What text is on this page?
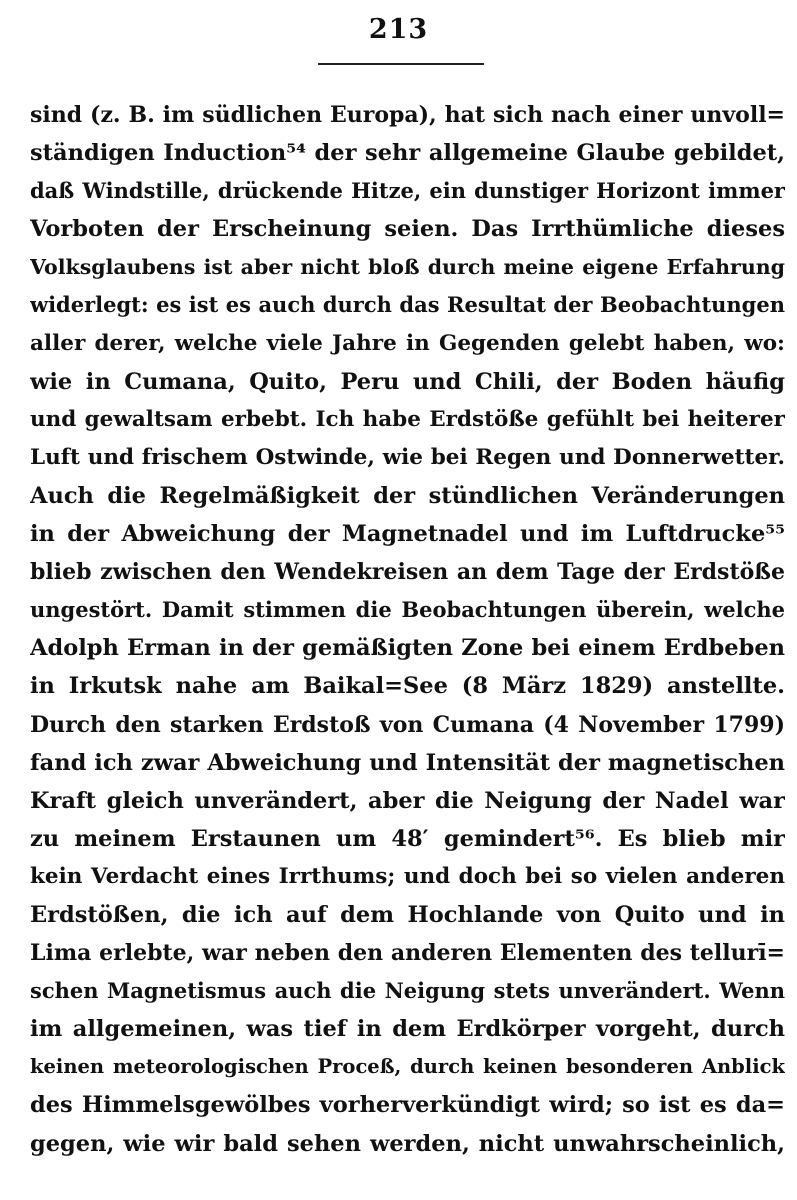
213
sind (z. B. im südlichen Europa), hat sich nach einer unvoll=
ständigen Induction⁵⁴ der sehr allgemeine Glaube gebildet,
daß Windstille, drückende Hitze, ein dunstiger Horizont immer
Vorboten der Erscheinung seien. Das Irrthümliche dieses
Volksglaubens ist aber nicht bloß durch meine eigene Erfahrung
widerlegt: es ist es auch durch das Resultat der Beobachtungen
aller derer, welche viele Jahre in Gegenden gelebt haben, wo:
wie in Cumana, Quito, Peru und Chili, der Boden häufig
und gewaltsam erbebt. Ich habe Erdstöße gefühlt bei heiterer
Luft und frischem Ostwinde, wie bei Regen und Donnerwetter.
Auch die Regelmäßigkeit der stündlichen Veränderungen
in der Abweichung der Magnetnadel und im Luftdrucke⁵⁵
blieb zwischen den Wendekreisen an dem Tage der Erdstöße
ungestört. Damit stimmen die Beobachtungen überein, welche
Adolph Erman in der gemäßigten Zone bei einem Erdbeben
in Irkutsk nahe am Baikal=See (8 März 1829) anstellte.
Durch den starken Erdstoß von Cumana (4 November 1799)
fand ich zwar Abweichung und Intensität der magnetischen
Kraft gleich unverändert, aber die Neigung der Nadel war
zu meinem Erstaunen um 48′ gemindert⁵⁶. Es blieb mir
kein Verdacht eines Irrthums; und doch bei so vielen anderen
Erdstößen, die ich auf dem Hochlande von Quito und in
Lima erlebte, war neben den anderen Elementen des tellurī=
schen Magnetismus auch die Neigung stets unverändert. Wenn
im allgemeinen, was tief in dem Erdkörper vorgeht, durch
keinen meteorologischen Proceß, durch keinen besonderen Anblick
des Himmelsgewölbes vorherverkündigt wird; so ist es da=
gegen, wie wir bald sehen werden, nicht unwahrscheinlich,
